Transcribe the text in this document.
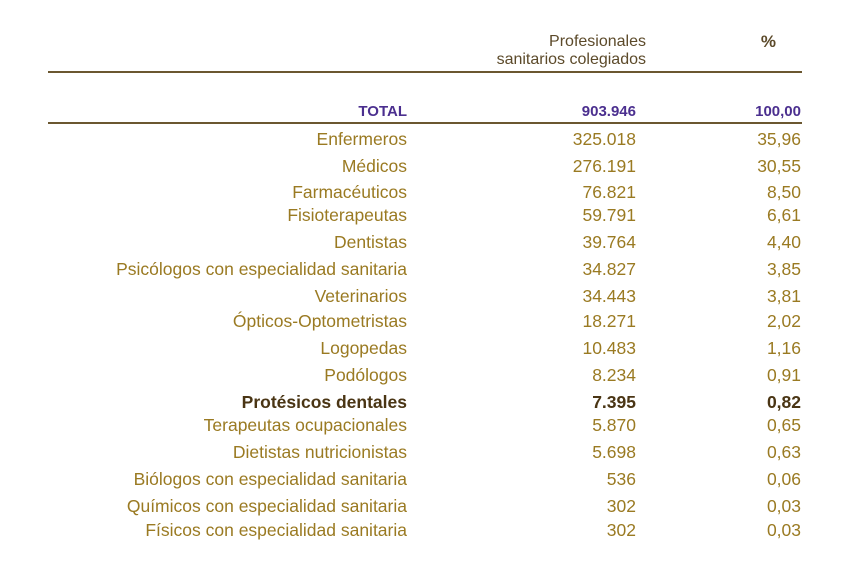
Profesionales
sanitarios colegiados
%
TOTAL	903.946	100,00
Enfermeros	325.018	35,96
Médicos	276.191	30,55
Farmacéuticos	76.821	8,50
Fisioterapeutas	59.791	6,61
Dentistas	39.764	4,40
Psicólogos con especialidad sanitaria	34.827	3,85
Veterinarios	34.443	3,81
Ópticos-Optometristas	18.271	2,02
Logopedas	10.483	1,16
Podólogos	8.234	0,91
Protésicos dentales	7.395	0,82
Terapeutas ocupacionales	5.870	0,65
Dietistas nutricionistas	5.698	0,63
Biólogos con especialidad sanitaria	536	0,06
Químicos con especialidad sanitaria	302	0,03
Físicos con especialidad sanitaria	302	0,03
